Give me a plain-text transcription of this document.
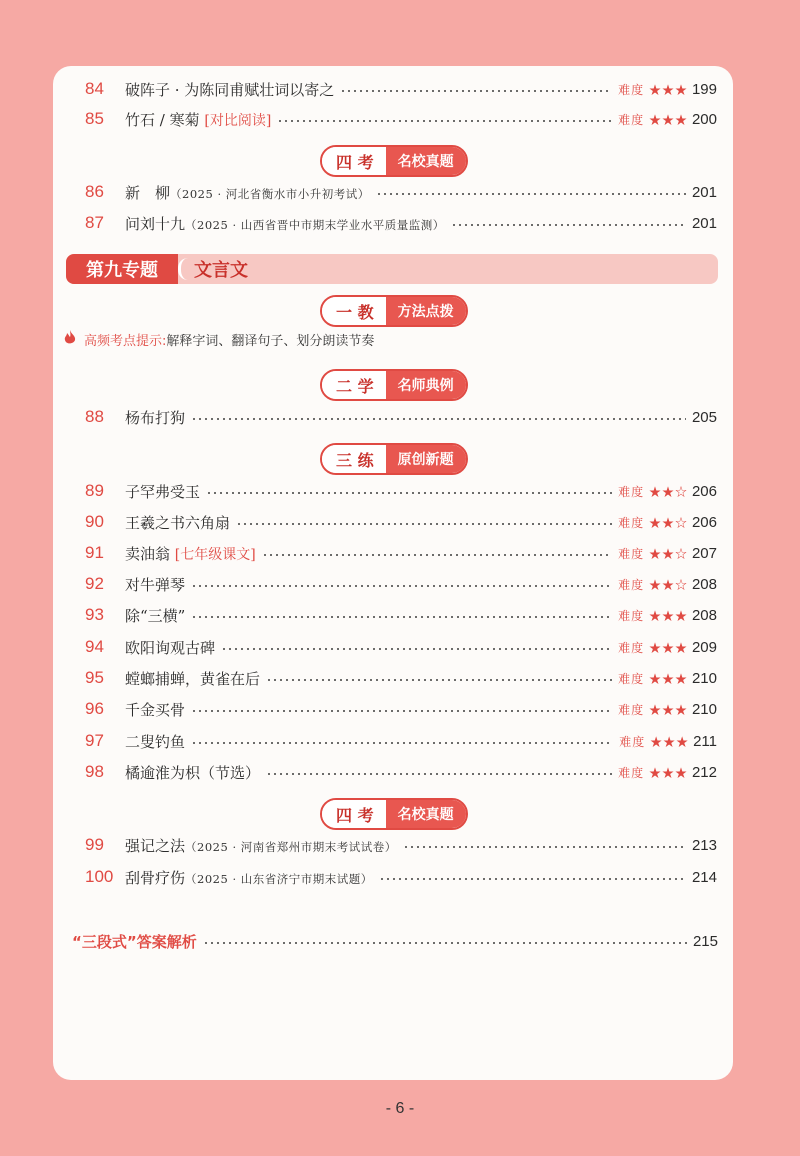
84	破阵子 · 为陈同甫赋壮词以寄之	难度 ★★★ 199
85	竹石 / 寒菊 [对比阅读]	难度 ★★★ 200
四 考	名校真题
86	新　柳（2025 · 河北省衡水市小升初考试）	201
87	问刘十九（2025 · 山西省晋中市期末学业水平质量监测）	201
第九专题	文言文
一 教	方法点拨
高频考点提示: 解释字词、翻译句子、划分朗读节奏
二 学	名师典例
88	杨布打狗	205
三 练	原创新题
89	子罕弗受玉	难度 ★★☆ 206
90	王羲之书六角扇	难度 ★★☆ 206
91	卖油翁 [七年级课文]	难度 ★★☆ 207
92	对牛弹琴	难度 ★★☆ 208
93	除“三横”	难度 ★★★ 208
94	欧阳询观古碑	难度 ★★★ 209
95	螳螂捕蝉，黄雀在后	难度 ★★★ 210
96	千金买骨	难度 ★★★ 210
97	二叟钓鱼	难度 ★★★ 211
98	橘逾淮为枳（节选）	难度 ★★★ 212
四 考	名校真题
99	强记之法（2025 · 河南省郑州市期末考试试卷）	213
100 刮骨疗伤（2025 · 山东省济宁市期末试题）	214
“三段式”答案解析	215
- 6 -
